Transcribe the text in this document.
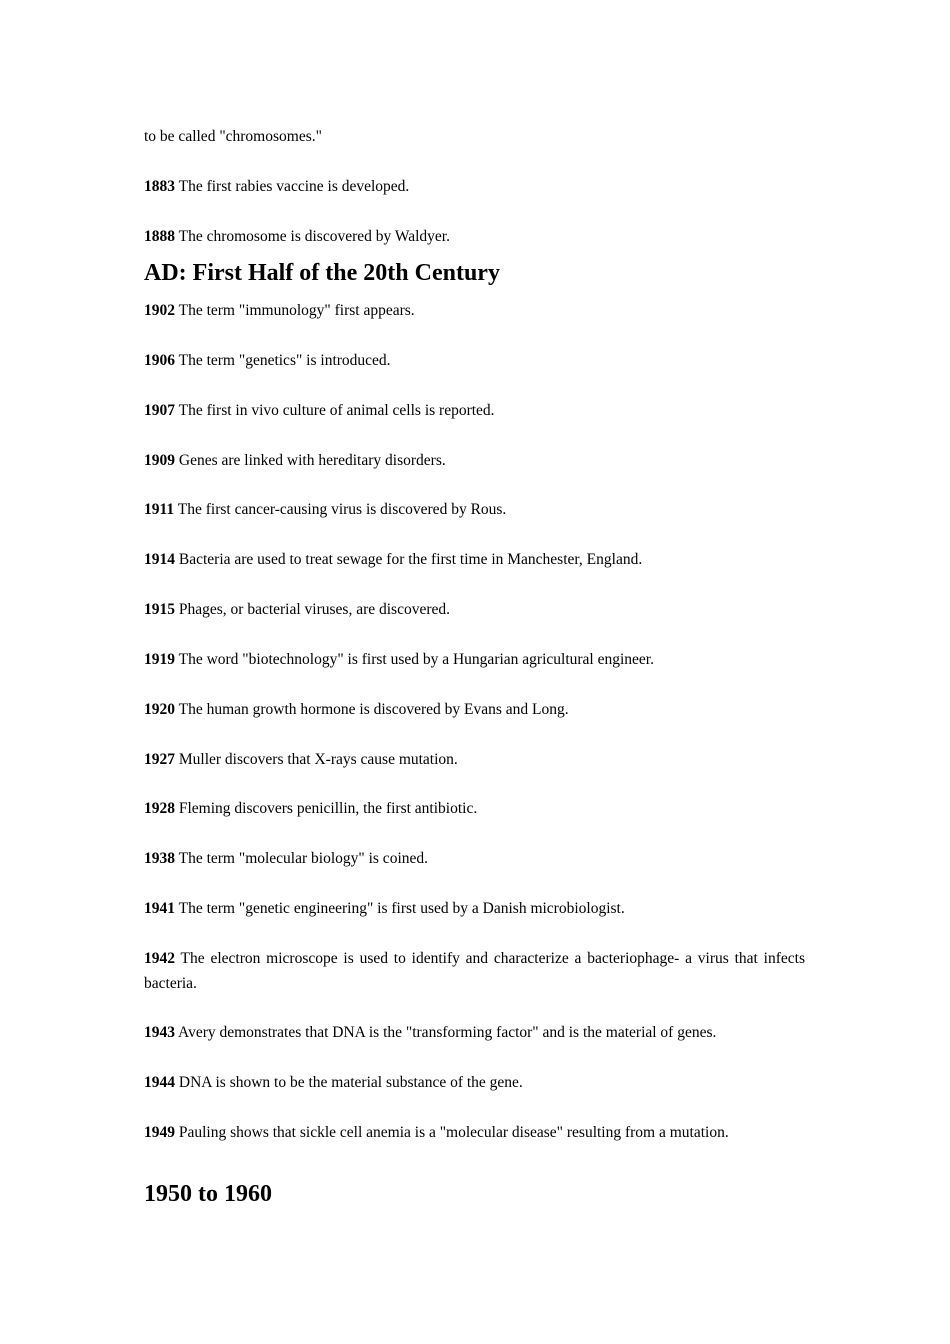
to be called "chromosomes."

1883 The first rabies vaccine is developed.

1888 The chromosome is discovered by Waldyer.

AD: First Half of the 20th Century

1902 The term "immunology" first appears.

1906 The term "genetics" is introduced.

1907 The first in vivo culture of animal cells is reported.

1909 Genes are linked with hereditary disorders.

1911 The first cancer-causing virus is discovered by Rous.

1914 Bacteria are used to treat sewage for the first time in Manchester, England.

1915 Phages, or bacterial viruses, are discovered.

1919 The word "biotechnology" is first used by a Hungarian agricultural engineer.

1920 The human growth hormone is discovered by Evans and Long.

1927 Muller discovers that X-rays cause mutation.

1928 Fleming discovers penicillin, the first antibiotic.

1938 The term "molecular biology" is coined.

1941 The term "genetic engineering" is first used by a Danish microbiologist.

1942 The electron microscope is used to identify and characterize a bacteriophage- a virus that infects bacteria.

1943 Avery demonstrates that DNA is the "transforming factor" and is the material of genes.

1944 DNA is shown to be the material substance of the gene.

1949 Pauling shows that sickle cell anemia is a "molecular disease" resulting from a mutation.

1950 to 1960
